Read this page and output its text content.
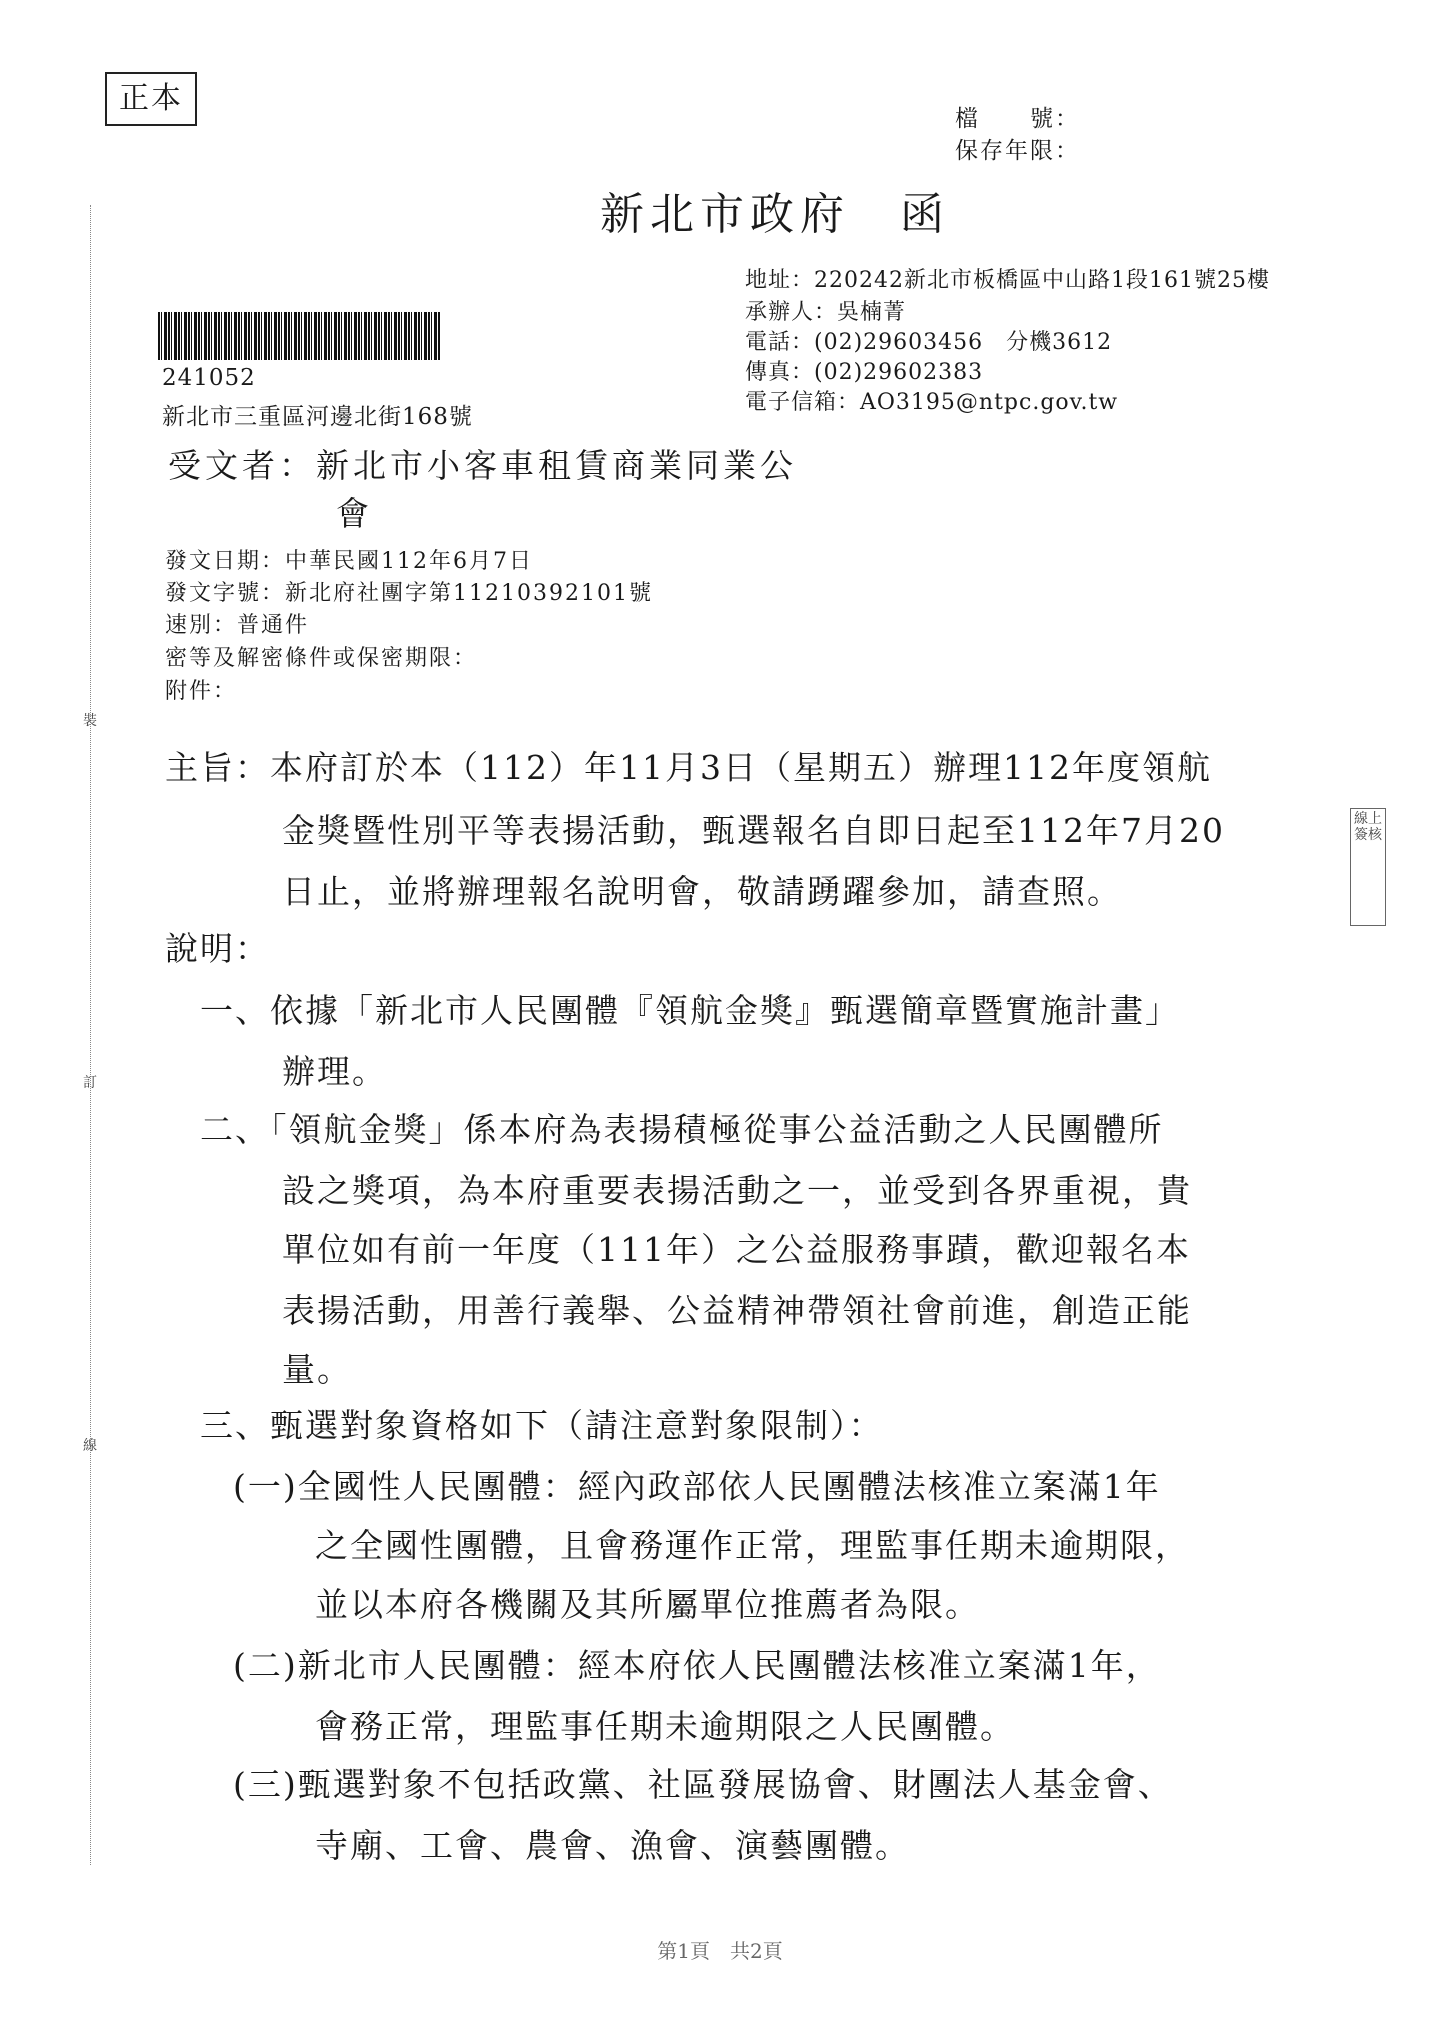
正本
檔　　號：
保存年限：
新北市政府　函
裝
訂
線
地址：220242新北市板橋區中山路1段161號25樓
承辦人：吳楠菁
電話：(02)29603456　分機3612
傳真：(02)29602383
電子信箱：AO3195@ntpc.gov.tw
241052
新北市三重區河邊北街168號
受文者：新北市小客車租賃商業同業公
會
發文日期：中華民國112年6月7日
發文字號：新北府社團字第11210392101號
速別：普通件
密等及解密條件或保密期限：
附件：
主旨：本府訂於本（112）年11月3日（星期五）辦理112年度領航
金獎暨性別平等表揚活動，甄選報名自即日起至112年7月20
日止，並將辦理報名說明會，敬請踴躍參加，請查照。
說明：
一、依據「新北市人民團體『領航金獎』甄選簡章暨實施計畫」
辦理。
二、「領航金獎」係本府為表揚積極從事公益活動之人民團體所
設之獎項，為本府重要表揚活動之一，並受到各界重視，貴
單位如有前一年度（111年）之公益服務事蹟，歡迎報名本
表揚活動，用善行義舉、公益精神帶領社會前進，創造正能
量。
三、甄選對象資格如下（請注意對象限制）：
(一)全國性人民團體：經內政部依人民團體法核准立案滿1年
之全國性團體，且會務運作正常，理監事任期未逾期限，
並以本府各機關及其所屬單位推薦者為限。
(二)新北市人民團體：經本府依人民團體法核准立案滿1年，
會務正常，理監事任期未逾期限之人民團體。
(三)甄選對象不包括政黨、社區發展協會、財團法人基金會、
寺廟、工會、農會、漁會、演藝團體。
線上簽核
第1頁　共2頁
